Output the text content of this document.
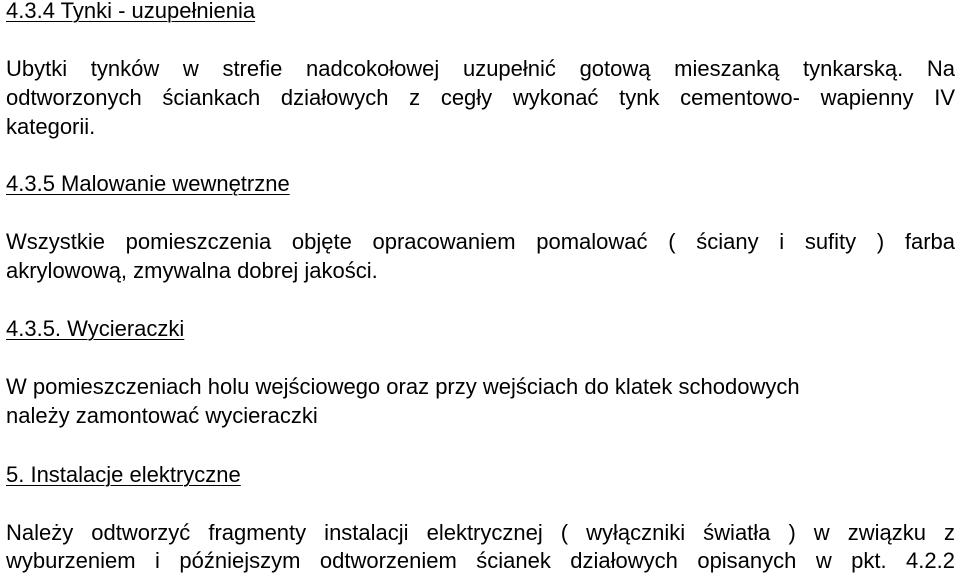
4.3.4 Tynki - uzupełnienia
Ubytki tynków w strefie nadcokołowej uzupełnić gotową mieszanką tynkarską. Na
odtworzonych ściankach działowych z cegły wykonać tynk cementowo- wapienny IV
kategorii.
4.3.5 Malowanie wewnętrzne
Wszystkie pomieszczenia objęte opracowaniem pomalować ( ściany i sufity ) farba
akrylowową, zmywalna dobrej jakości.
4.3.5. Wycieraczki
W pomieszczeniach holu wejściowego oraz przy wejściach do klatek schodowych
należy zamontować wycieraczki
5. Instalacje elektryczne
Należy odtworzyć fragmenty instalacji elektrycznej ( wyłączniki światła ) w związku z
wyburzeniem i późniejszym odtworzeniem ścianek działowych opisanych w pkt. 4.2.2
